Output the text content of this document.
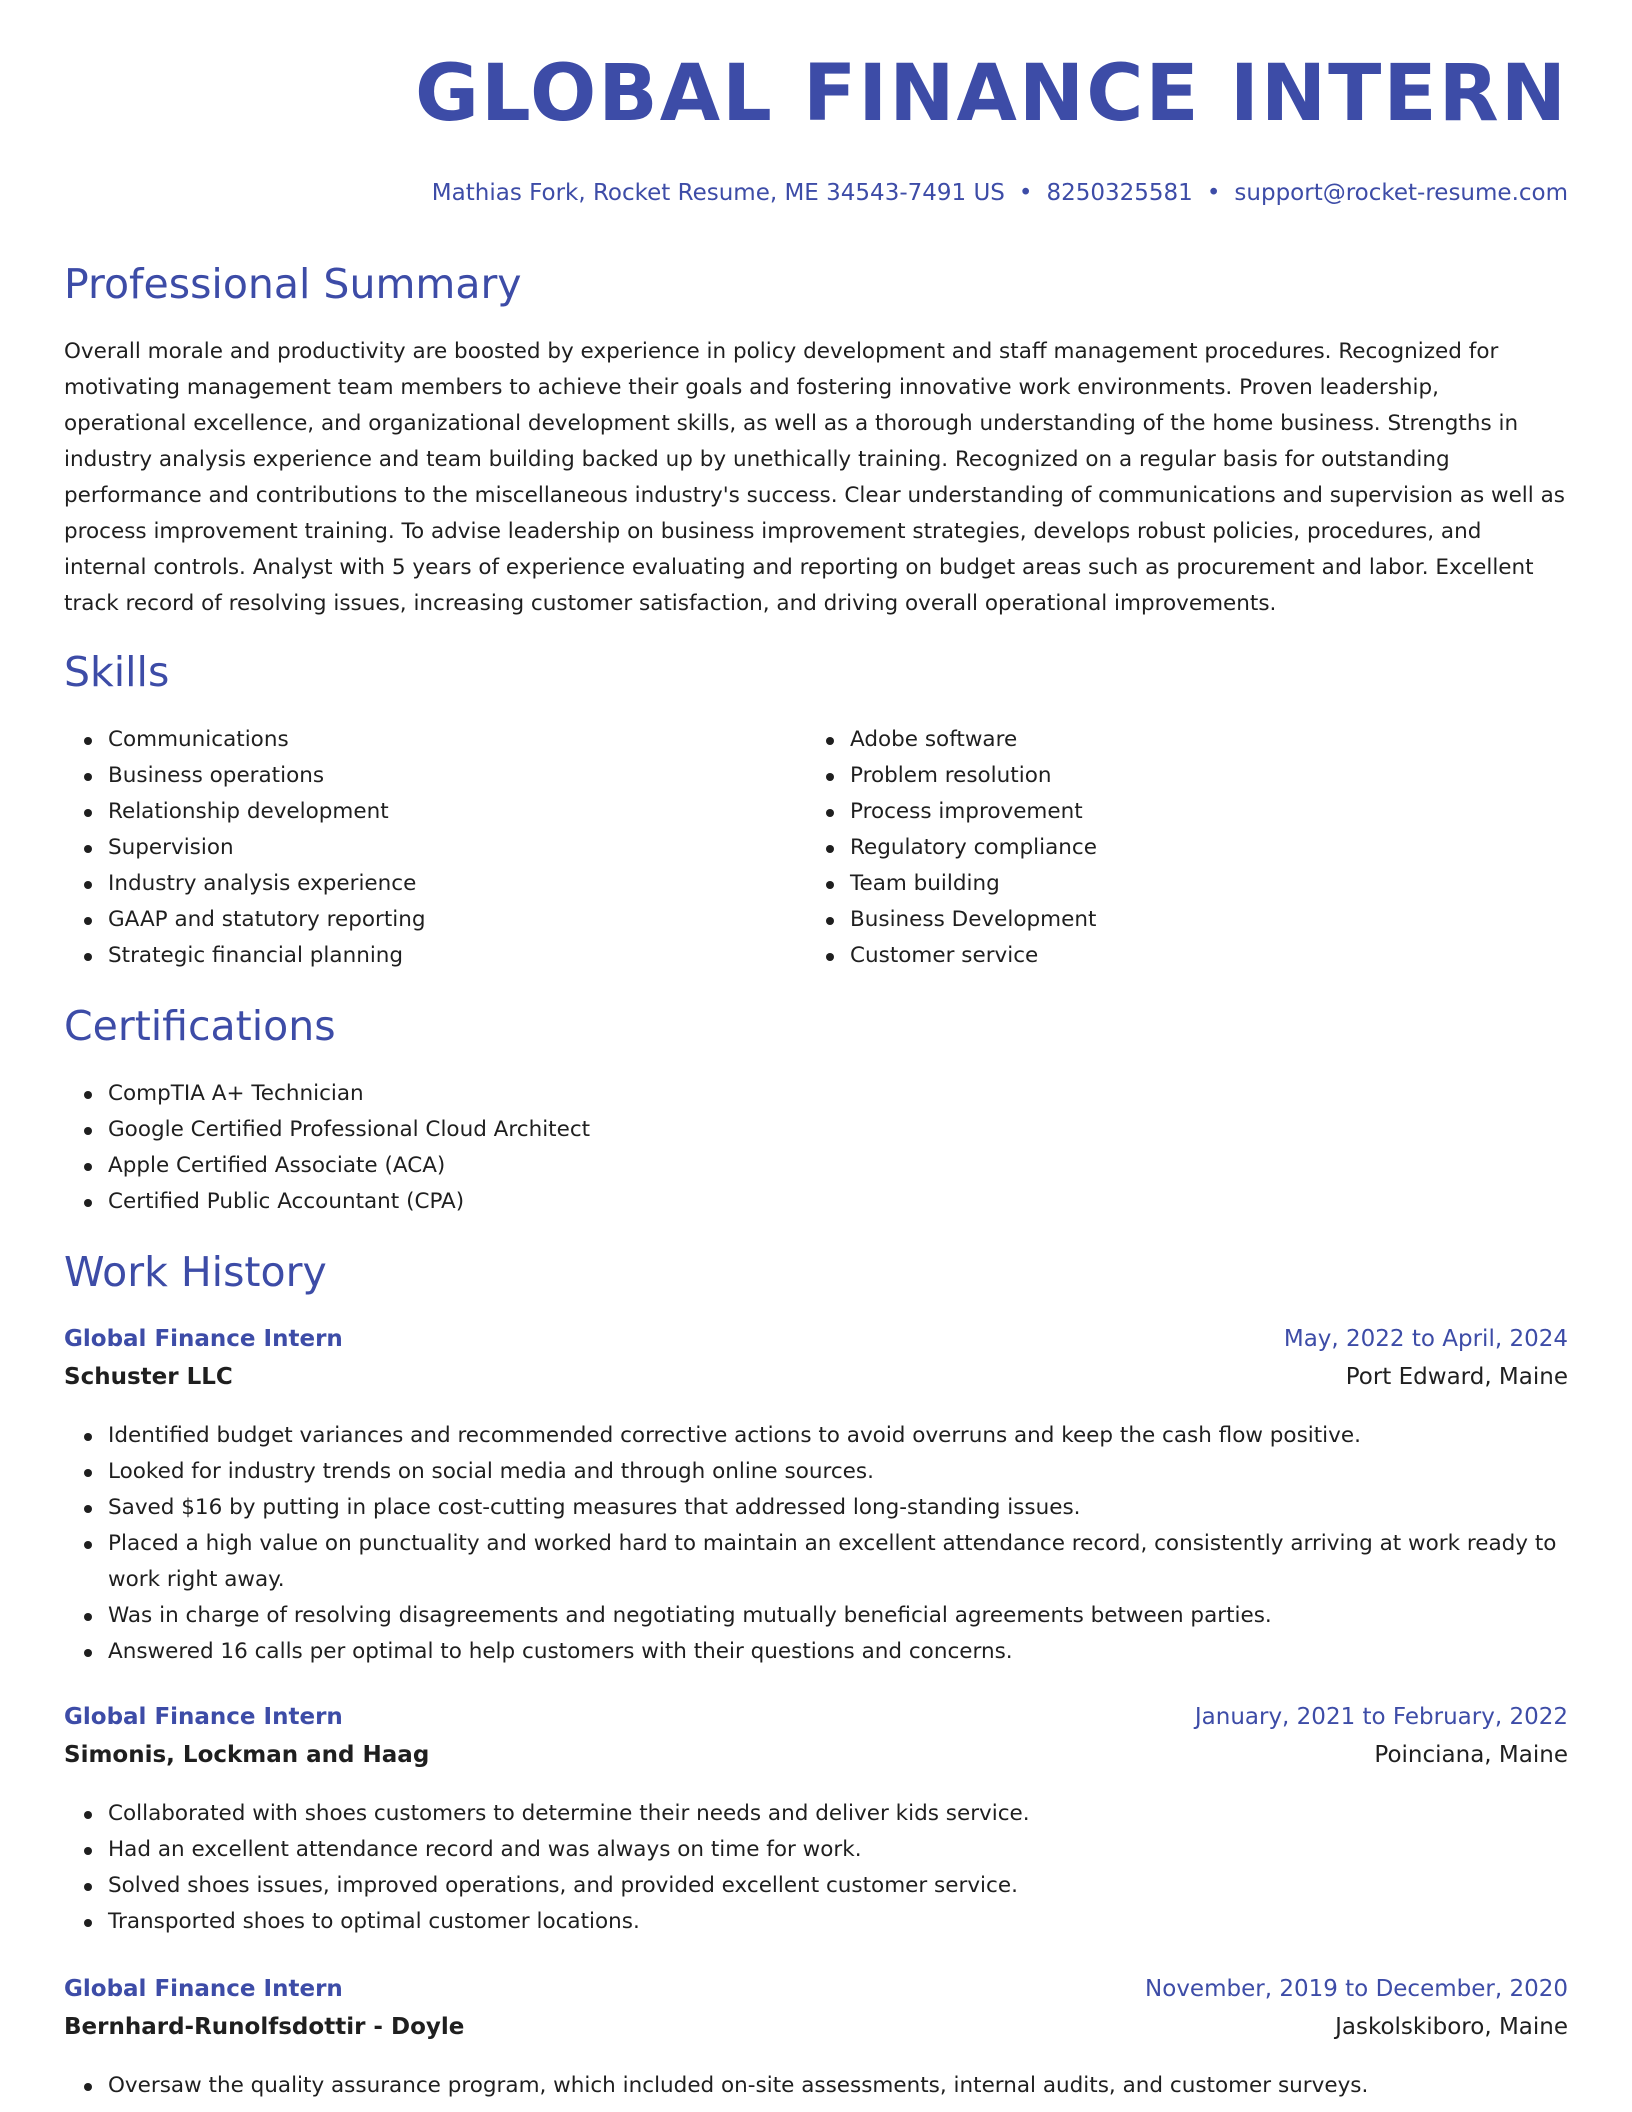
GLOBAL FINANCE INTERN
Mathias Fork, Rocket Resume, ME 34543-7491 US • 8250325581 • support@rocket-resume.com
Professional Summary

Overall morale and productivity are boosted by experience in policy development and staff management procedures. Recognized for motivating management team members to achieve their goals and fostering innovative work environments. Proven leadership, operational excellence, and organizational development skills, as well as a thorough understanding of the home business. Strengths in industry analysis experience and team building backed up by unethically training. Recognized on a regular basis for outstanding performance and contributions to the miscellaneous industry's success. Clear understanding of communications and supervision as well as process improvement training. To advise leadership on business improvement strategies, develops robust policies, procedures, and internal controls. Analyst with 5 years of experience evaluating and reporting on budget areas such as procurement and labor. Excellent track record of resolving issues, increasing customer satisfaction, and driving overall operational improvements.

Skills
Communications
Business operations
Relationship development
Supervision
Industry analysis experience
GAAP and statutory reporting
Strategic financial planning
Adobe software
Problem resolution
Process improvement
Regulatory compliance
Team building
Business Development
Customer service
Certifications
CompTIA A+ Technician
Google Certified Professional Cloud Architect
Apple Certified Associate (ACA)
Certified Public Accountant (CPA)
Work History
Global Finance Intern	May, 2022 to April, 2024
Schuster LLC	Port Edward, Maine
Identified budget variances and recommended corrective actions to avoid overruns and keep the cash flow positive.
Looked for industry trends on social media and through online sources.
Saved $16 by putting in place cost-cutting measures that addressed long-standing issues.
Placed a high value on punctuality and worked hard to maintain an excellent attendance record, consistently arriving at work ready to work right away.
Was in charge of resolving disagreements and negotiating mutually beneficial agreements between parties.
Answered 16 calls per optimal to help customers with their questions and concerns.
Global Finance Intern	January, 2021 to February, 2022
Simonis, Lockman and Haag	Poinciana, Maine
Collaborated with shoes customers to determine their needs and deliver kids service.
Had an excellent attendance record and was always on time for work.
Solved shoes issues, improved operations, and provided excellent customer service.
Transported shoes to optimal customer locations.
Global Finance Intern	November, 2019 to December, 2020
Bernhard-Runolfsdottir - Doyle	Jaskolskiboro, Maine
Oversaw the quality assurance program, which included on-site assessments, internal audits, and customer surveys.
